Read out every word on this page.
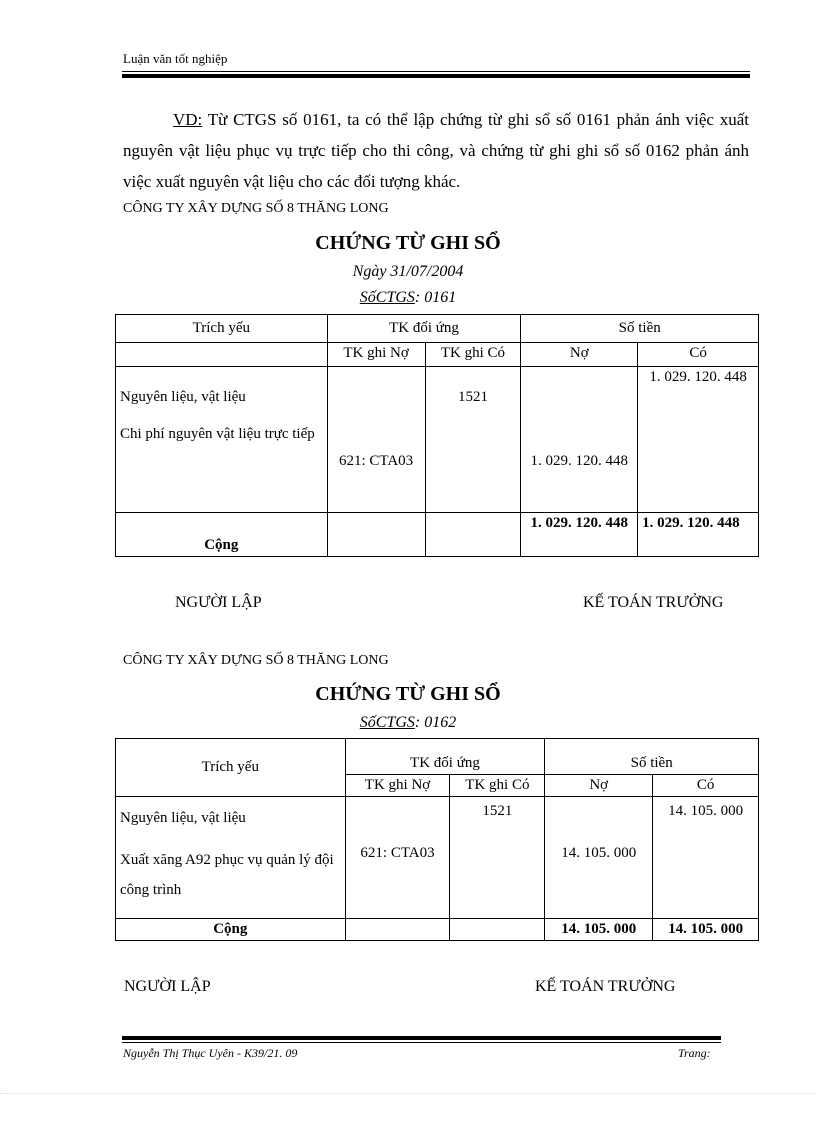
Luận văn tốt nghiệp
VD: Từ CTGS số 0161, ta có thể lập chứng từ ghi sổ số 0161 phản ánh việc xuất nguyên vật liệu phục vụ trực tiếp cho thi công, và chứng từ ghi ghi sổ số 0162 phản ánh việc xuất nguyên vật liệu cho các đối tượng khác.
CÔNG TY XÂY DỰNG SỐ 8 THĂNG LONG
CHỨNG TỪ GHI SỔ
Ngày 31/07/2004
SốCTGS: 0161
Trích yếu	TK đối ứng		Số tiền	
	TK ghi Nợ	TK ghi Có	Nợ	Có

Nguyên liệu, vật liệu
Chi phí nguyên vật liệu trực tiếp	621: CTA03	1521	1. 029. 120. 448	1. 029. 120. 448

Cộng			1. 029. 120. 448	1. 029. 120. 448
NGƯỜI LẬP	KẾ TOÁN TRƯỞNG
CÔNG TY XÂY DỰNG SỐ 8 THĂNG LONG
CHỨNG TỪ GHI SỔ
SốCTGS: 0162
Trích yếu	TK đối ứng		Số tiền	
	TK ghi Nợ	TK ghi Có	Nợ	Có

Nguyên liệu, vật liệu
Xuất xăng A92 phục vụ quản lý đội công trình	621: CTA03	1521	14. 105. 000	14. 105. 000

Cộng			14. 105. 000	14. 105. 000
NGƯỜI LẬP	KẾ TOÁN TRƯỞNG
Nguyễn Thị Thục Uyên - K39/21. 09	Trang:
